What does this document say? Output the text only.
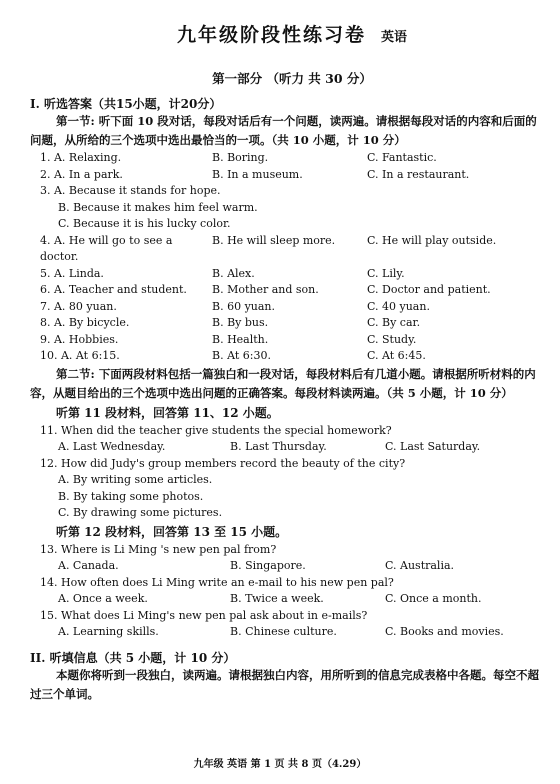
九年级阶段性练习卷 英语
第一部分 （听力 共 30 分）
I. 听选答案（共15小题，计20分）
第一节: 听下面 10 段对话，每段对话后有一个问题，读两遍。请根据每段对话的内容和后面的问题，从所给的三个选项中选出最恰当的一项。（共 10 小题，计 10 分）
1. A. Relaxing.	B. Boring.	C. Fantastic.
2. A. In a park.	B. In a museum.	C. In a restaurant.
3. A. Because it stands for hope.
B. Because it makes him feel warm.
C. Because it is his lucky color.
4. A. He will go to see a doctor.
B. He will sleep more.	C. He will play outside.
5. A. Linda.	B. Alex.	C. Lily.
6. A. Teacher and student.	B. Mother and son.	C. Doctor and patient.
7. A. 80 yuan.	B. 60 yuan.	C. 40 yuan.
8. A. By bicycle.	B. By bus.	C. By car.
9. A. Hobbies.	B. Health.	C. Study.
10. A. At 6:15.	B. At 6:30.	C. At 6:45.
第二节: 下面两段材料包括一篇独白和一段对话，每段材料后有几道小题。请根据所听材料的内容，从题目给出的三个选项中选出问题的正确答案。每段材料读两遍。（共 5 小题，计 10 分）
听第 11 段材料，回答第 11、12 小题。
11. When did the teacher give students the special homework?
A. Last Wednesday.	B. Last Thursday.	C. Last Saturday.
12. How did Judy's group members record the beauty of the city?
A. By writing some articles.
B. By taking some photos.
C. By drawing some pictures.
听第 12 段材料，回答第 13 至 15 小题。
13. Where is Li Ming 's new pen pal from?
A. Canada.	B. Singapore.	C. Australia.
14. How often does Li Ming write an e-mail to his new pen pal?
A. Once a week.	B. Twice a week.	C. Once a month.
15. What does Li Ming's new pen pal ask about in e-mails?
A. Learning skills.	B. Chinese culture.	C. Books and movies.
II. 听填信息（共 5 小题，计 10 分）
本题你将听到一段独白，读两遍。请根据独白内容，用所听到的信息完成表格中各题。每空不超过三个单词。
九年级 英语 第 1 页 共 8 页（4.29）
